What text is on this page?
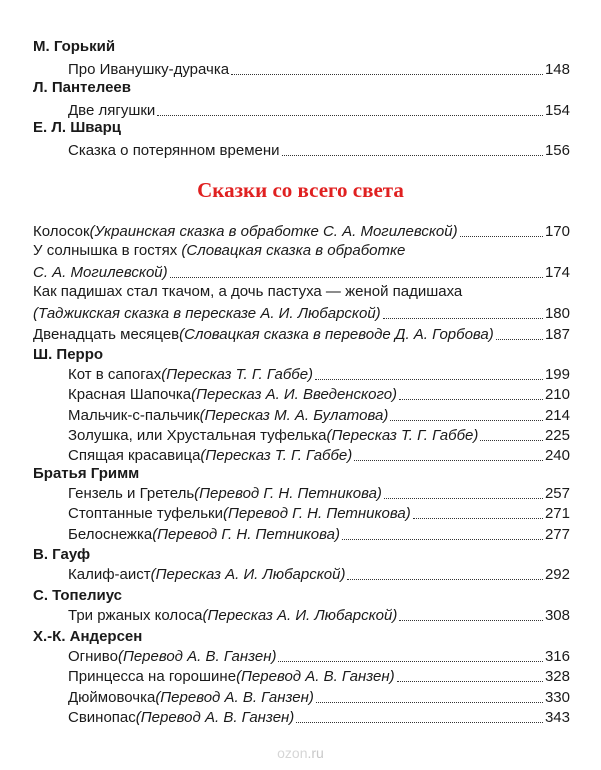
Сказки со всего света
М. Горький
Про Иванушку-дурачка	148
Л. Пантелеев
Две лягушки	154
Е. Л. Шварц
Сказка о потерянном времени	156
Колосок (Украинская сказка в обработке С. А. Могилевской)	170
У солнышка в гостях (Словацкая сказка в обработке
С. А. Могилевской)	174
Как падишах стал ткачом, а дочь пастуха — женой падишаха
(Таджикская сказка в пересказе А. И. Любарской)	180
Двенадцать месяцев (Словацкая сказка в переводе Д. А. Горбова)	187
Ш. Перро
Кот в сапогах (Пересказ Т. Г. Габбе)	199
Красная Шапочка (Пересказ А. И. Введенского)	210
Мальчик-с-пальчик (Пересказ М. А. Булатова)	214
Золушка, или Хрустальная туфелька (Пересказ Т. Г. Габбе)	225
Спящая красавица (Пересказ Т. Г. Габбе)	240
Братья Гримм
Гензель и Гретель (Перевод Г. Н. Петникова)	257
Стоптанные туфельки (Перевод Г. Н. Петникова)	271
Белоснежка (Перевод Г. Н. Петникова)	277
В. Гауф
Калиф-аист (Пересказ А. И. Любарской)	292
С. Топелиус
Три ржаных колоса (Пересказ А. И. Любарской)	308
Х.-К. Андерсен
Огниво (Перевод А. В. Ганзен)	316
Принцесса на горошине (Перевод А. В. Ганзен)	328
Дюймовочка (Перевод А. В. Ганзен)	330
Свинопас (Перевод А. В. Ганзен)	343
ozon.ru
